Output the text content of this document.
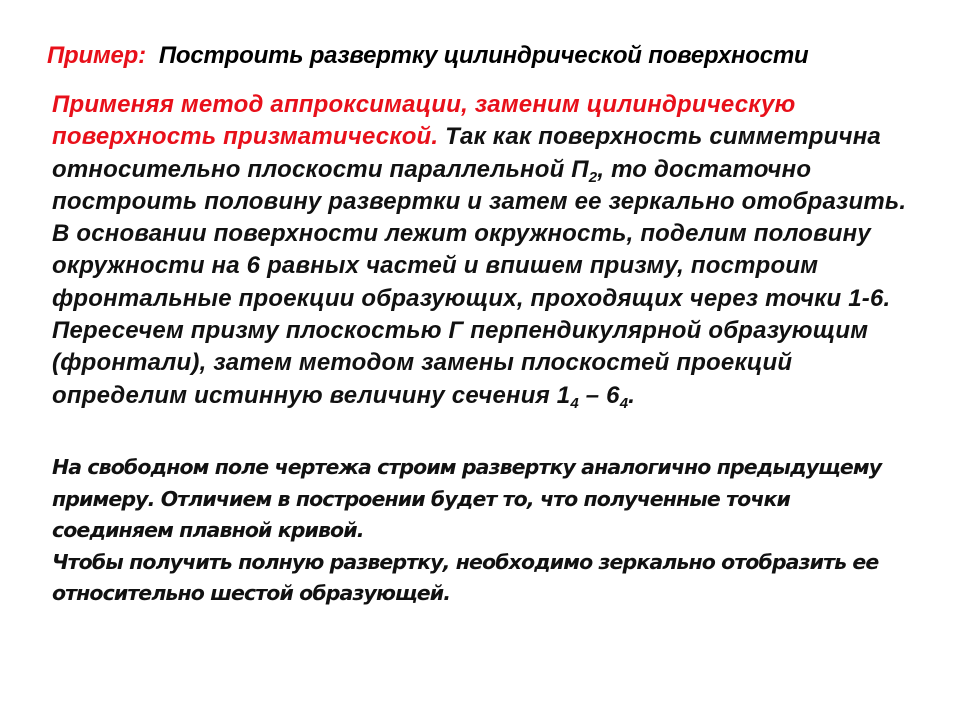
Пример: Построить развертку цилиндрической поверхности
Применяя метод аппроксимации, заменим цилиндрическую поверхность призматической. Так как поверхность симметрична относительно плоскости параллельной $П_2$, то достаточно построить половину развертки и затем ее зеркально отобразить. В основании поверхности лежит окружность, поделим половину окружности на 6 равных частей и впишем призму, построим фронтальные проекции образующих, проходящих через точки 1-6. Пересечем призму плоскостью Г перпендикулярной образующим (фронтали), затем методом замены плоскостей проекций определим истинную величину сечения $1_4 - 6_4$.
На свободном поле чертежа строим развертку аналогично предыдущему примеру. Отличием в построении будет то, что полученные точки соединяем плавной кривой.
Чтобы получить полную развертку, необходимо зеркально отобразить ее относительно шестой образующей.
